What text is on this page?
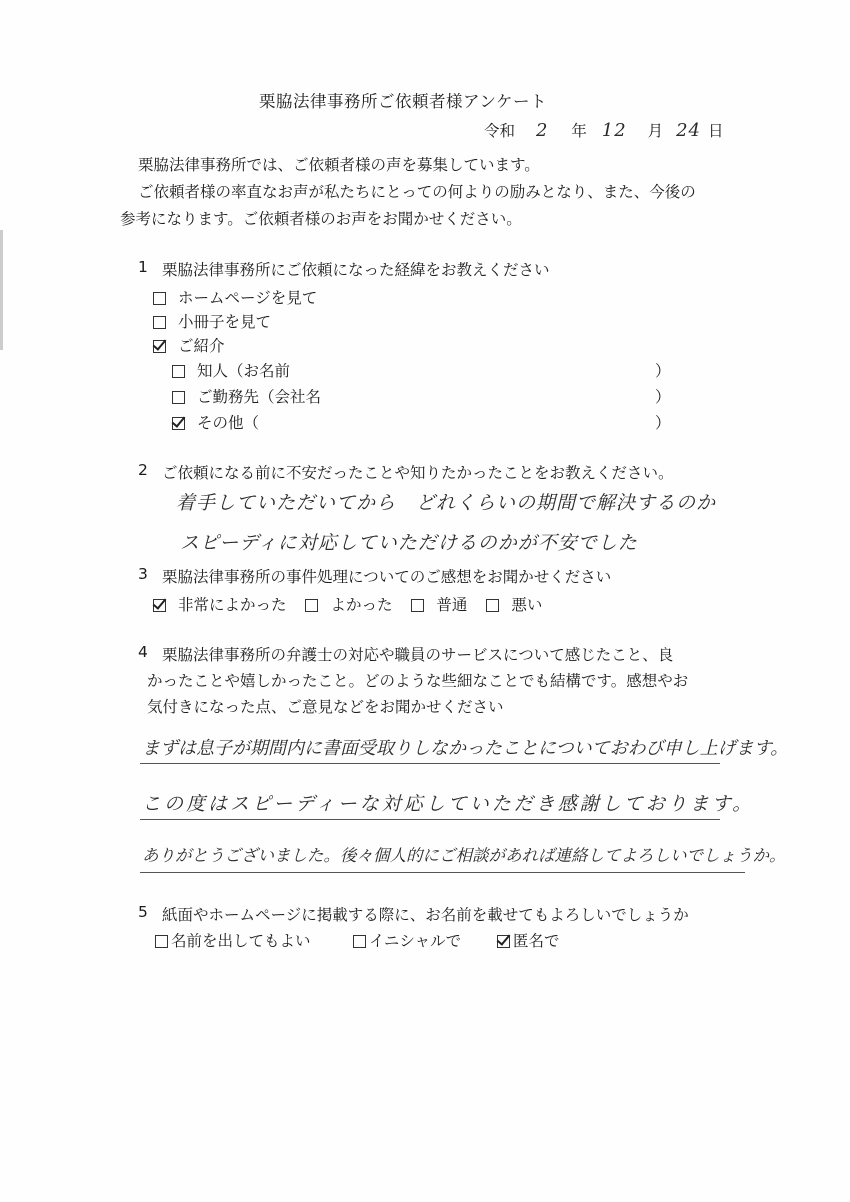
栗脇法律事務所ご依頼者様アンケート
令和 2 年 12 月 24 日
栗脇法律事務所では、ご依頼者様の声を募集しています。
ご依頼者様の率直なお声が私たちにとっての何よりの励みとなり、また、今後の
参考になります。ご依頼者様のお声をお聞かせください。
1 栗脇法律事務所にご依頼になった経緯をお教えください
ホームページを見て
小冊子を見て
ご紹介
知人（お名前	）
ご勤務先（会社名	）
その他（	）
2 ご依頼になる前に不安だったことや知りたかったことをお教えください。
着手していただいてから　どれくらいの期間で解決するのか
スピーディに対応していただけるのかが不安でした
3 栗脇法律事務所の事件処理についてのご感想をお聞かせください
非常によかった	よかった	普通	悪い
4 栗脇法律事務所の弁護士の対応や職員のサービスについて感じたこと、良
かったことや嬉しかったこと。どのような些細なことでも結構です。感想やお
気付きになった点、ご意見などをお聞かせください
まずは息子が期間内に書面受取りしなかったことについておわび申し上げます。
この度はスピーディーな対応していただき感謝しております。
ありがとうございました。後々個人的にご相談があれば連絡してよろしいでしょうか。
5 紙面やホームページに掲載する際に、お名前を載せてもよろしいでしょうか
名前を出してもよい	イニシャルで	匿名で
